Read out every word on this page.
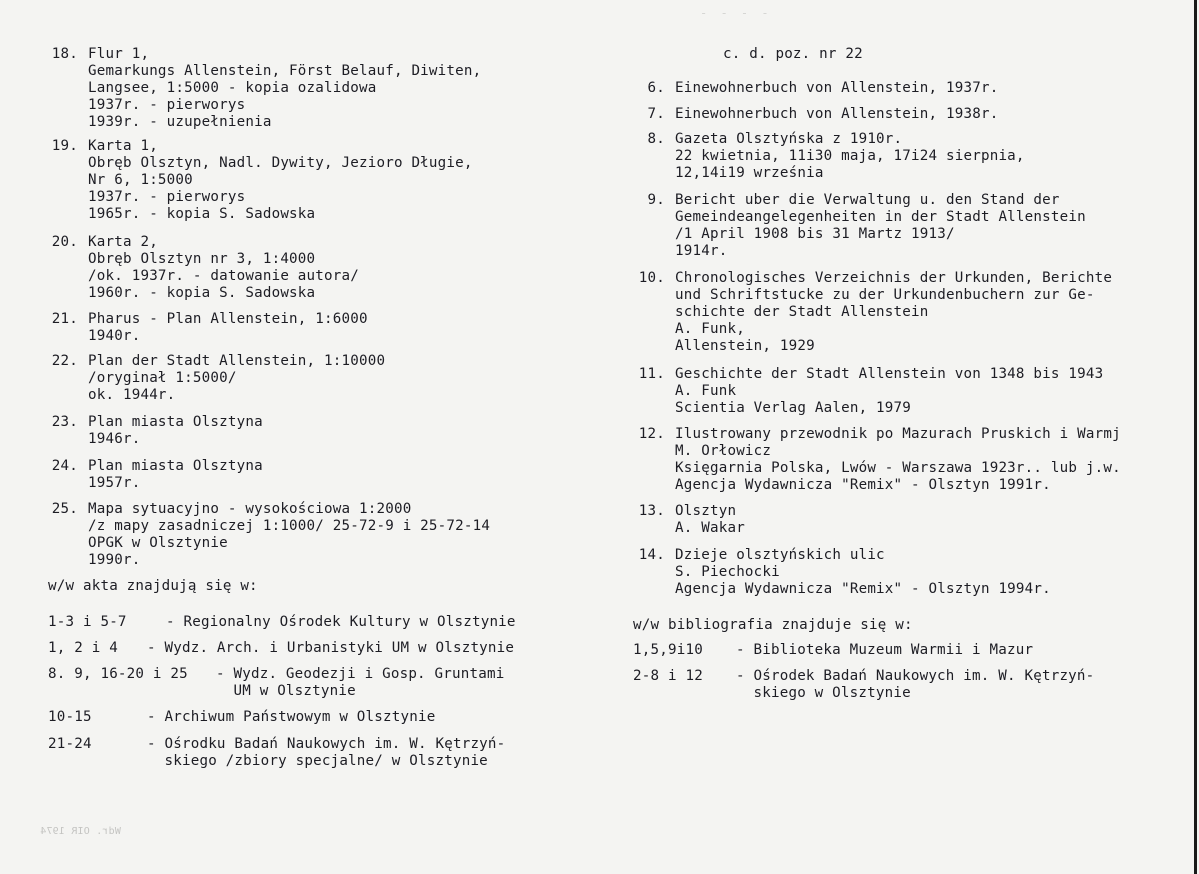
- - - -
Wdr. OIR 1974
18. Flur 1,
Gemarkungs Allenstein, Först Belauf, Diwiten,
Langsee, 1:5000 - kopia ozalidowa
1937r. - pierworys
1939r. - uzupełnienia
19. Karta 1,
Obręb Olsztyn, Nadl. Dywity, Jezioro Długie,
Nr 6, 1:5000
1937r. - pierworys
1965r. - kopia S. Sadowska
20. Karta 2,
Obręb Olsztyn nr 3, 1:4000
/ok. 1937r. - datowanie autora/
1960r. - kopia S. Sadowska
21. Pharus - Plan Allenstein, 1:6000
1940r.
22. Plan der Stadt Allenstein, 1:10000
/oryginał 1:5000/
ok. 1944r.
23. Plan miasta Olsztyna
1946r.
24. Plan miasta Olsztyna
1957r.
25. Mapa sytuacyjno - wysokościowa 1:2000
/z mapy zasadniczej 1:1000/ 25-72-9 i 25-72-14
OPGK w Olsztynie
1990r.
w/w akta znajdują się w:
1-3 i 5-7	- Regionalny Ośrodek Kultury w Olsztynie
1, 2 i 4 - Wydz. Arch. i Urbanistyki UM w Olsztynie
8. 9, 16-20 i 25 - Wydz. Geodezji i Gosp. Gruntami
UM w Olsztynie
10-15	- Archiwum Państwowym w Olsztynie
21-24	- Ośrodku Badań Naukowych im. W. Kętrzyń-
skiego /zbiory specjalne/ w Olsztynie
c. d. poz. nr 22
6. Einewohnerbuch von Allenstein, 1937r.
7. Einewohnerbuch von Allenstein, 1938r.
8. Gazeta Olsztyńska z 1910r.
22 kwietnia, 11i30 maja, 17i24 sierpnia,
12,14i19 września
9. Bericht uber die Verwaltung u. den Stand der
Gemeindeangelegenheiten in der Stadt Allenstein
/1 April 1908 bis 31 Martz 1913/
1914r.
10. Chronologisches Verzeichnis der Urkunden, Berichte
und Schriftstucke zu der Urkundenbuchern zur Ge-
schichte der Stadt Allenstein
A. Funk,
Allenstein, 1929
11. Geschichte der Stadt Allenstein von 1348 bis 1943
A. Funk
Scientia Verlag Aalen, 1979
12. Ilustrowany przewodnik po Mazurach Pruskich i Warmj
M. Orłowicz
Księgarnia Polska, Lwów - Warszawa 1923r.. lub j.w.
Agencja Wydawnicza "Remix" - Olsztyn 1991r.
13. Olsztyn
A. Wakar
14. Dzieje olsztyńskich ulic
S. Piechocki
Agencja Wydawnicza "Remix" - Olsztyn 1994r.
w/w bibliografia znajduje się w:
1,5,9i10 - Biblioteka Muzeum Warmii i Mazur
2-8 i 12 - Ośrodek Badań Naukowych im. W. Kętrzyń-
skiego w Olsztynie
